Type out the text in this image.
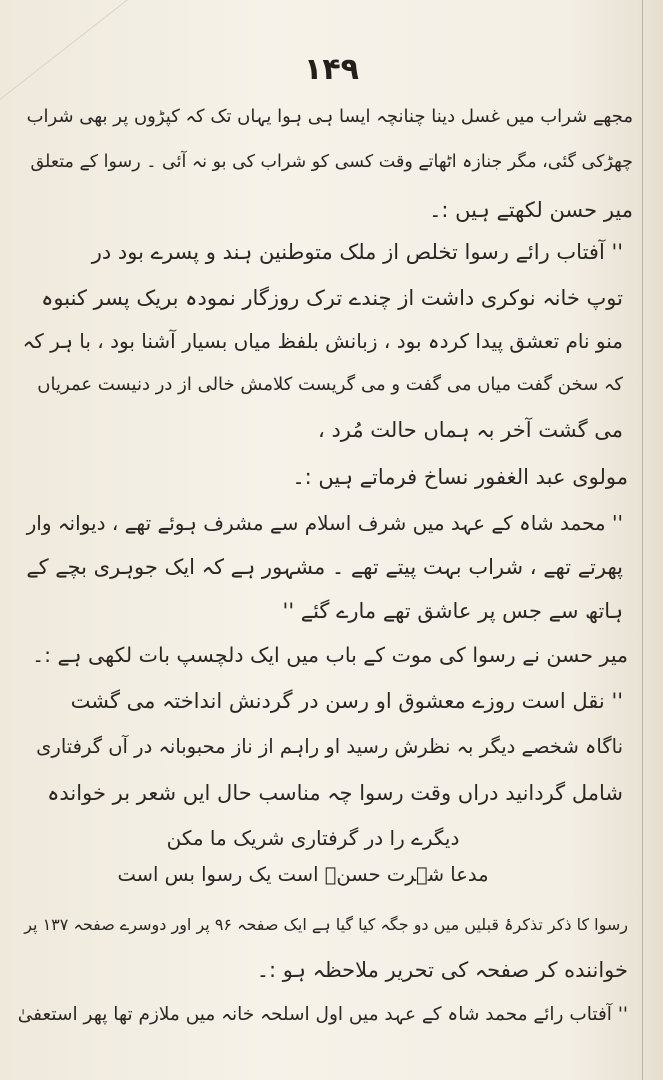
۱۴۹
مجھے شراب میں غسل دینا چنانچہ ایسا ہی ہوا یہاں تک کہ کپڑوں پر بھی شراب
چھڑکی گئی، مگر جنازہ اٹھاتے وقت کسی کو شراب کی بو نہ آئی ۔ رسوا کے متعلق
میر حسن لکھتے ہیں :۔
'' آفتاب رائے رسوا تخلص از ملک متوطنین ہند و پسرے بود در
توپ خانہ نوکری داشت از چندے ترک روزگار نمودہ بریک پسر کنبوہ
منو نام تعشق پیدا کردہ بود ، زبانش بلفظ میاں بسیار آشنا بود ، با ہر کہ
کہ سخن گفت میاں می گفت و می گریست کلامش خالی از در دنیست عمریاں
می گشت آخر بہ ہماں حالت مُرد ،
مولوی عبد الغفور نساخ فرماتے ہیں :۔
'' محمد شاہ کے عہد میں شرف اسلام سے مشرف ہوئے تھے ، دیوانہ وار
پھرتے تھے ، شراب بہت پیتے تھے ۔ مشہور ہے کہ ایک جوہری بچے کے
ہاتھ سے جس پر عاشق تھے مارے گئے ''
میر حسن نے رسوا کی موت کے باب میں ایک دلچسپ بات لکھی ہے :۔
'' نقل است روزے معشوق او رسن در گردنش انداختہ می گشت
ناگاہ شخصے دیگر بہ نظرش رسید او راہم از ناز محبوبانہ در آں گرفتاری
شامل گردانید دراں وقت رسوا چہ مناسب حال ایں شعر بر خواندہ
دیگرے را در گرفتاری شریک ما مکن
مدعا شہرت حسنؔ است یک رسوا بس است
رسوا کا ذکر تذکرۂ قبلیں میں دو جگہ کیا گیا ہے ایک صفحہ ۹۶ پر اور دوسرے صفحہ ۱۳۷ پر
خواننده کر صفحہ کی تحریر ملاحظہ ہو :۔
'' آفتاب رائے محمد شاہ کے عہد میں اول اسلحہ خانہ میں ملازم تھا پھر استعفیٰ
